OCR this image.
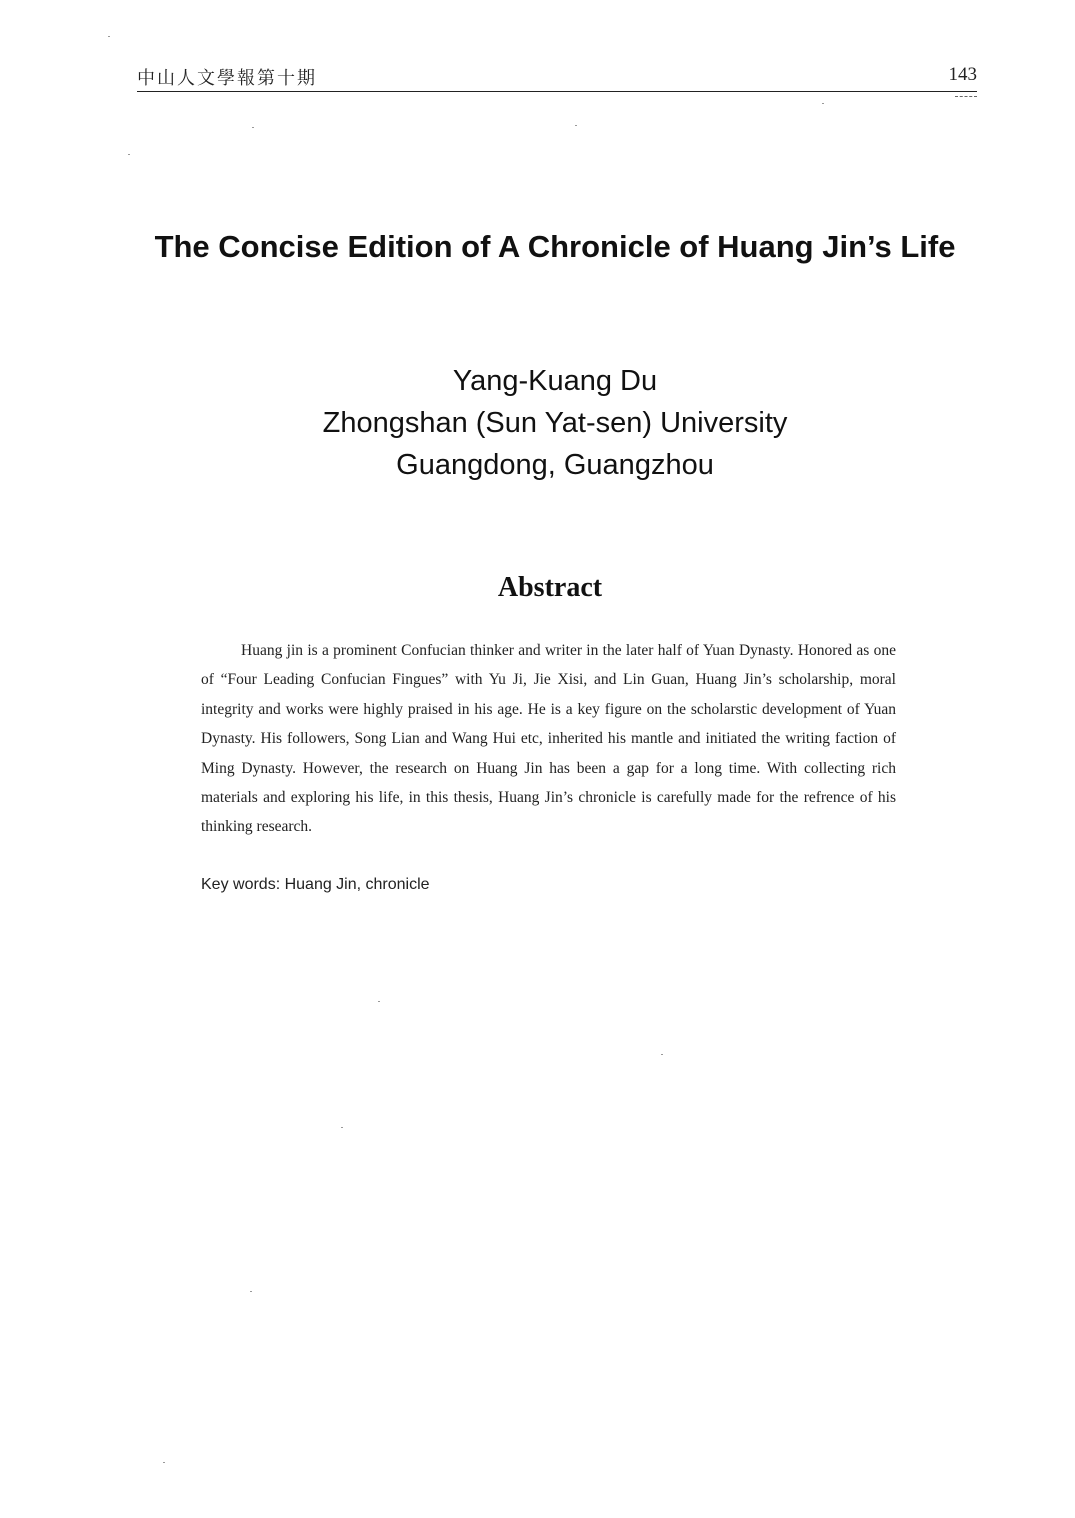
中山人文學報第十期	143
The Concise Edition of A Chronicle of Huang Jin’s Life
Yang-Kuang Du
Zhongshan (Sun Yat-sen) University
Guangdong, Guangzhou
Abstract

Huang jin is a prominent Confucian thinker and writer in the later half of Yuan Dynasty. Honored as one of “Four Leading Confucian Fingues” with Yu Ji, Jie Xisi, and Lin Guan, Huang Jin’s scholarship, moral integrity and works were highly praised in his age. He is a key figure on the scholarstic development of Yuan Dynasty. His followers, Song Lian and Wang Hui etc, inherited his mantle and initiated the writing faction of Ming Dynasty. However, the research on Huang Jin has been a gap for a long time. With collecting rich materials and exploring his life, in this thesis, Huang Jin’s chronicle is carefully made for the refrence of his thinking research.

Key words: Huang Jin, chronicle
